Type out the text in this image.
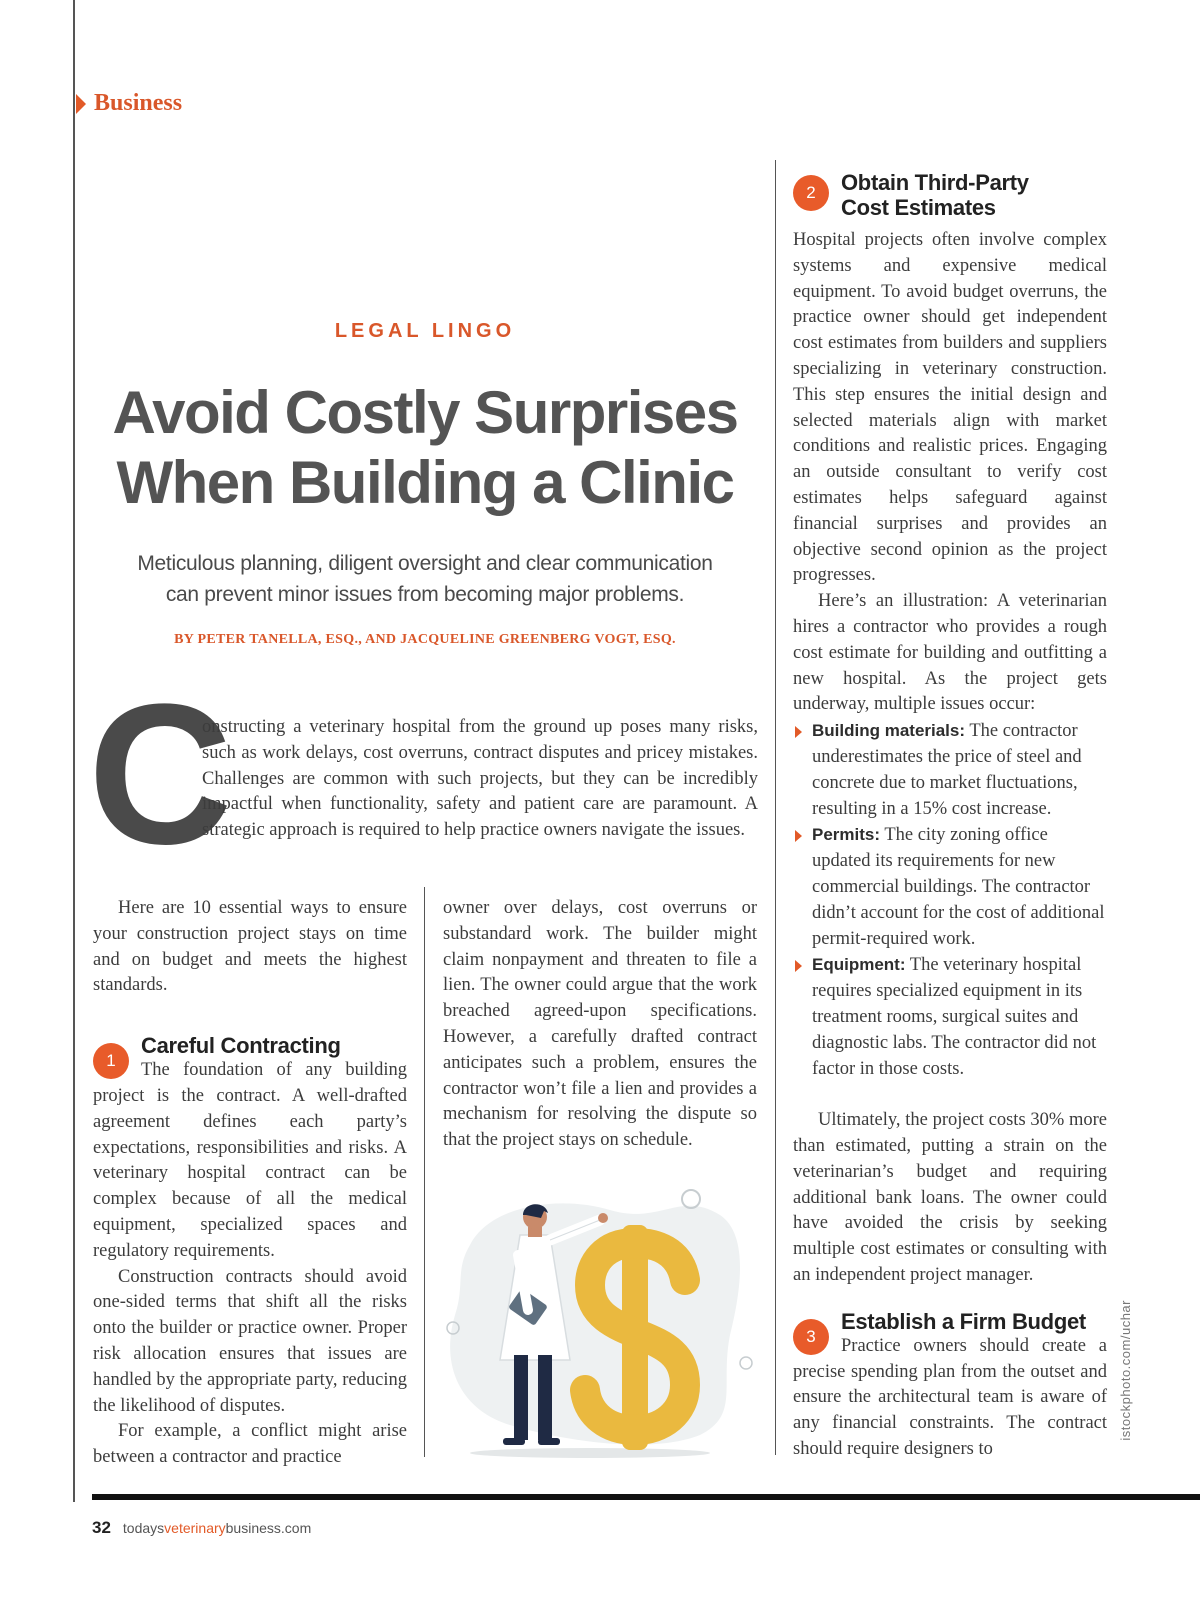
Business
LEGAL LINGO
Avoid Costly Surprises
When Building a Clinic
Meticulous planning, diligent oversight and clear communication
can prevent minor issues from becoming major problems.
BY PETER TANELLA, ESQ., AND JACQUELINE GREENBERG VOGT, ESQ.
C

onstructing a veterinary hospital from the ground up poses many risks, such as work delays, cost overruns, contract disputes and pricey mistakes. Challenges are common with such projects, but they can be incredibly impactful when functionality, safety and patient care are paramount. A strategic approach is required to help practice owners navigate the issues.

Here are 10 essential ways to ensure your construction project stays on time and on budget and meets the highest standards.

1
Careful Contracting

The foundation of any building project is the contract. A well-drafted agreement defines each party’s expectations, responsibilities and risks. A veterinary hospital contract can be complex because of all the medical equipment, specialized spaces and regulatory requirements.

Construction contracts should avoid one-sided terms that shift all the risks onto the builder or practice owner. Proper risk allocation ensures that issues are handled by the appropriate party, reducing the likelihood of disputes.

For example, a conflict might arise between a contractor and practice

owner over delays, cost overruns or substandard work. The builder might claim nonpayment and threaten to file a lien. The owner could argue that the work breached agreed-upon specifications. However, a carefully drafted contract anticipates such a problem, ensures the contractor won’t file a lien and provides a mechanism for resolving the dispute so that the project stays on schedule.

2	Obtain Third-Party
Cost Estimates

Hospital projects often involve complex systems and expensive medical equipment. To avoid budget overruns, the practice owner should get independent cost estimates from builders and suppliers specializing in veterinary construction. This step ensures the initial design and selected materials align with market conditions and realistic prices. Engaging an outside consultant to verify cost estimates helps safeguard against financial surprises and provides an objective second opinion as the project progresses.

Here’s an illustration: A veterinarian hires a contractor who provides a rough cost estimate for building and outfitting a new hospital. As the project gets underway, multiple issues occur:

Building materials: The contractor underestimates the price of steel and concrete due to market fluctuations, resulting in a 15% cost increase.
Permits: The city zoning office updated its requirements for new commercial buildings. The contractor didn’t account for the cost of additional permit-required work.
Equipment: The veterinary hospital requires specialized equipment in its treatment rooms, surgical suites and diagnostic labs. The contractor did not factor in those costs.

Ultimately, the project costs 30% more than estimated, putting a strain on the veterinarian’s budget and requiring additional bank loans. The owner could have avoided the crisis by seeking multiple cost estimates or consulting with an independent project manager.

3
Establish a Firm Budget

Practice owners should create a precise spending plan from the outset and ensure the architectural team is aware of any financial constraints. The contract should require designers to

istockphoto.com/uchar
32 todays veterinary business.com
